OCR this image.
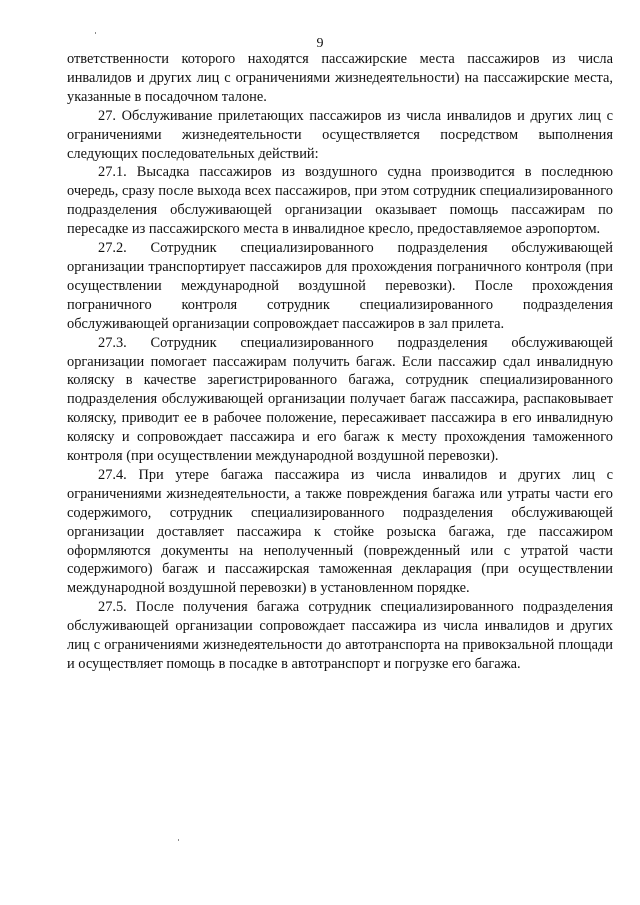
9

ответственности которого находятся пассажирские места пассажиров из числа инвалидов и других лиц с ограничениями жизнедеятельности) на пассажирские места, указанные в посадочном талоне.

27. Обслуживание прилетающих пассажиров из числа инвалидов и других лиц с ограничениями жизнедеятельности осуществляется посредством выполнения следующих последовательных действий:

27.1. Высадка пассажиров из воздушного судна производится в последнюю очередь, сразу после выхода всех пассажиров, при этом сотрудник специализированного подразделения обслуживающей организации оказывает помощь пассажирам по пересадке из пассажирского места в инвалидное кресло, предоставляемое аэропортом.

27.2. Сотрудник специализированного подразделения обслуживающей организации транспортирует пассажиров для прохождения пограничного контроля (при осуществлении международной воздушной перевозки). После прохождения пограничного контроля сотрудник специализированного подразделения обслуживающей организации сопровождает пассажиров в зал прилета.

27.3. Сотрудник специализированного подразделения обслуживающей организации помогает пассажирам получить багаж. Если пассажир сдал инвалидную коляску в качестве зарегистрированного багажа, сотрудник специализированного подразделения обслуживающей организации получает багаж пассажира, распаковывает коляску, приводит ее в рабочее положение, пересаживает пассажира в его инвалидную коляску и сопровождает пассажира и его багаж к месту прохождения таможенного контроля (при осуществлении международной воздушной перевозки).

27.4. При утере багажа пассажира из числа инвалидов и других лиц с ограничениями жизнедеятельности, а также повреждения багажа или утраты части его содержимого, сотрудник специализированного подразделения обслуживающей организации доставляет пассажира к стойке розыска багажа, где пассажиром оформляются документы на неполученный (поврежденный или с утратой части содержимого) багаж и пассажирская таможенная декларация (при осуществлении международной воздушной перевозки) в установленном порядке.

27.5. После получения багажа сотрудник специализированного подразделения обслуживающей организации сопровождает пассажира из числа инвалидов и других лиц с ограничениями жизнедеятельности до автотранспорта на привокзальной площади и осуществляет помощь в посадке в автотранспорт и погрузке его багажа.
